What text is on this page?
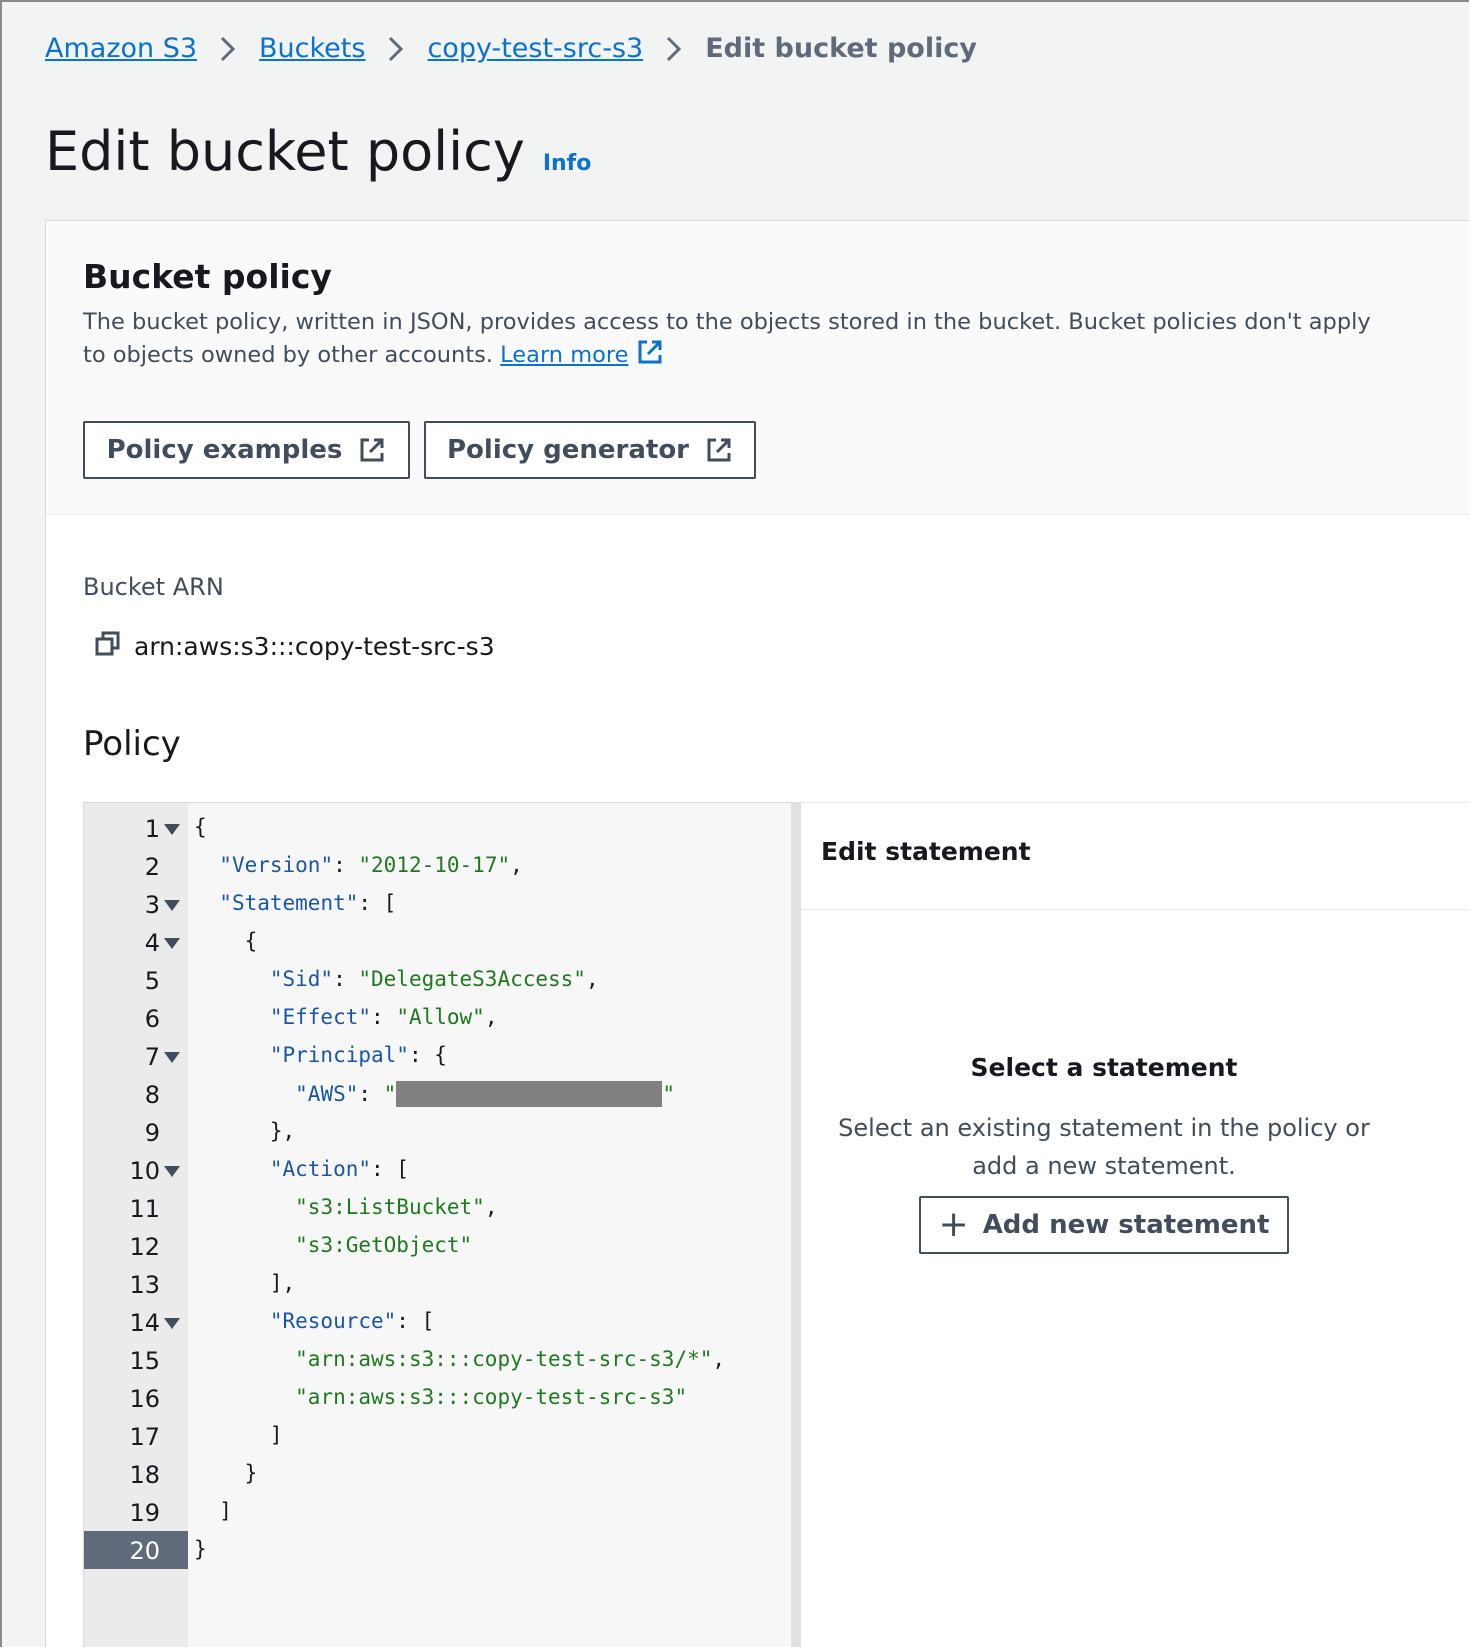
Amazon S3 Buckets copy-test-src-s3 Edit bucket policy
Edit bucket policy Info
Bucket policy
The bucket policy, written in JSON, provides access to the objects stored in the bucket. Bucket policies don't apply to objects owned by other accounts. Learn more
Policy examples	Policy generator
Bucket ARN
arn:aws:s3:::copy-test-src-s3
Policy
1 {
2	"Version": "2012-10-17",
3	"Statement": [
4 {
5	"Sid": "DelegateS3Access",
6	"Effect": "Allow",
7	"Principal": {
8	"AWS": "	"
9 },
10	"Action": [
11	"s3:ListBucket",
12	"s3:GetObject"
13 ],
14	"Resource": [
15	"arn:aws:s3:::copy-test-src-s3/*",
16	"arn:aws:s3:::copy-test-src-s3"
17 ]
18 }
19 ]
20 }
Edit statement
Select a statement
Select an existing statement in the policy or add a new statement.
+ Add new statement
